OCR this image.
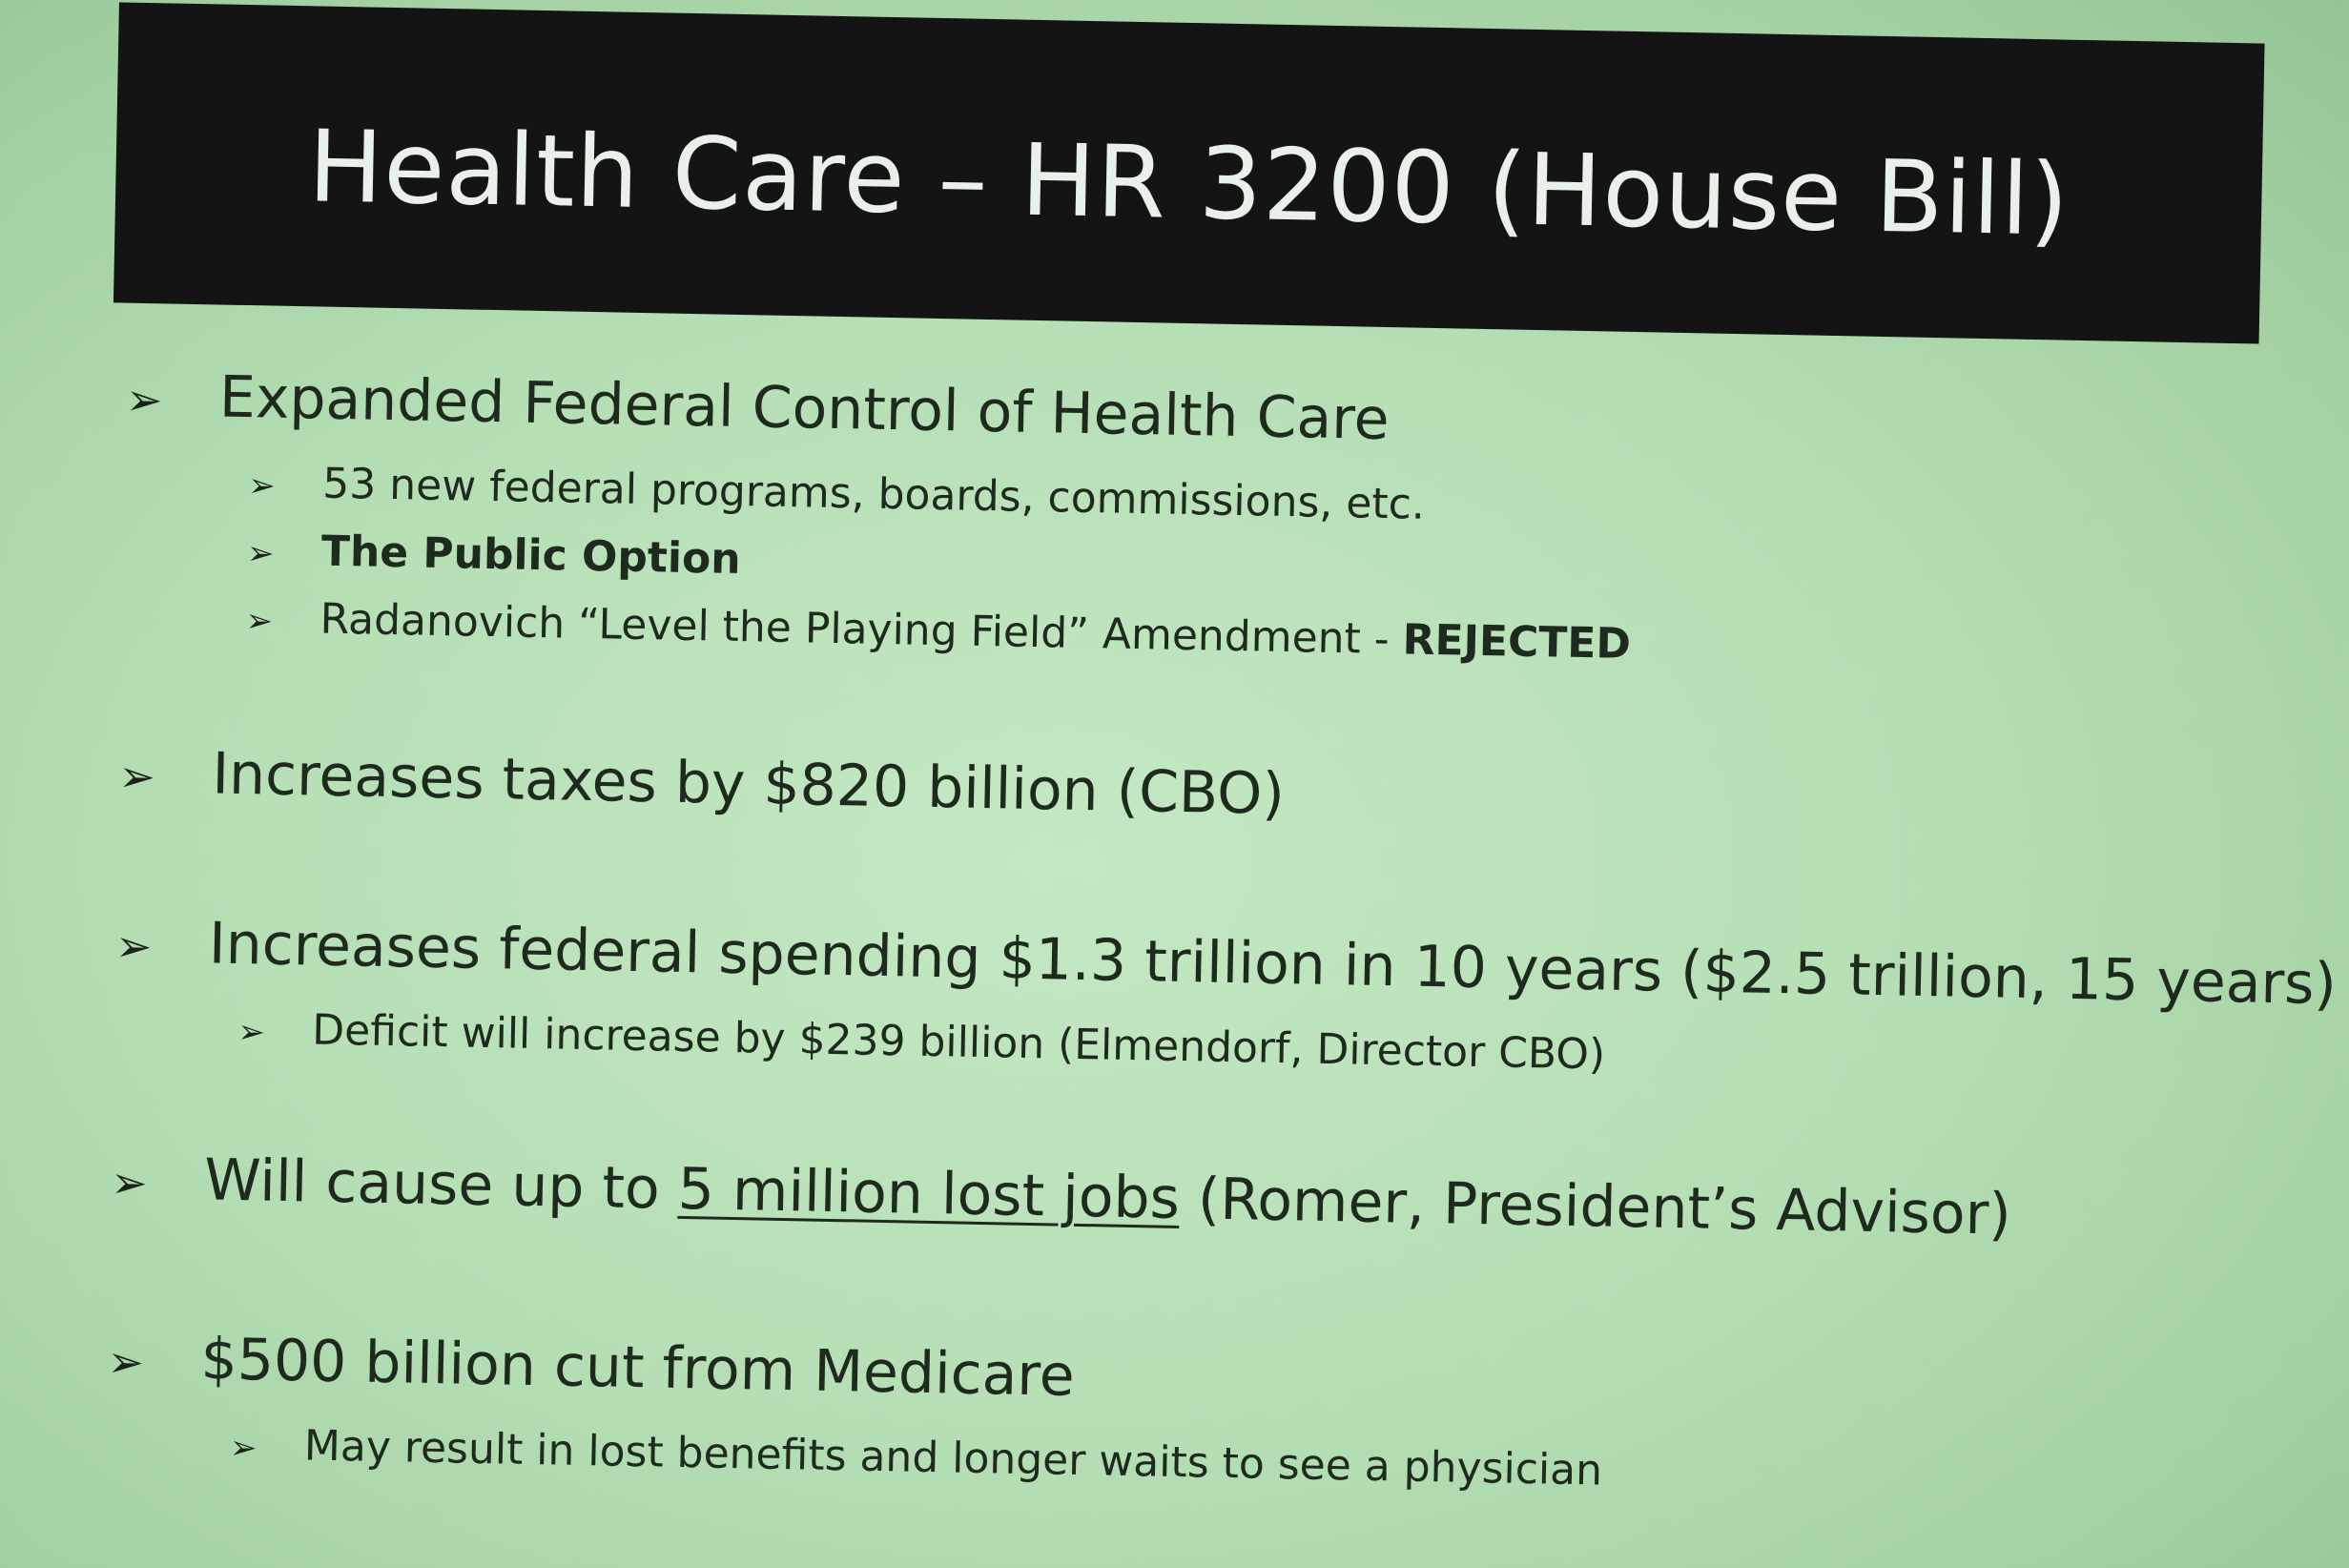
Health Care – HR 3200 (House Bill)
➢ Expanded Federal Control of Health Care
➢	53 new federal programs, boards, commissions, etc.
➢	The Public Option
➢	Radanovich “Level the Playing Field” Amendment - REJECTED
➢ Increases taxes by $820 billion (CBO)
➢ Increases federal spending $1.3 trillion in 10 years ($2.5 trillion, 15 years)
➢	Deficit will increase by $239 billion (Elmendorf, Director CBO)
➢ Will cause up to 5 million lost jobs (Romer, President’s Advisor)
➢ $500 billion cut from Medicare
➢	May result in lost benefits and longer waits to see a physician
